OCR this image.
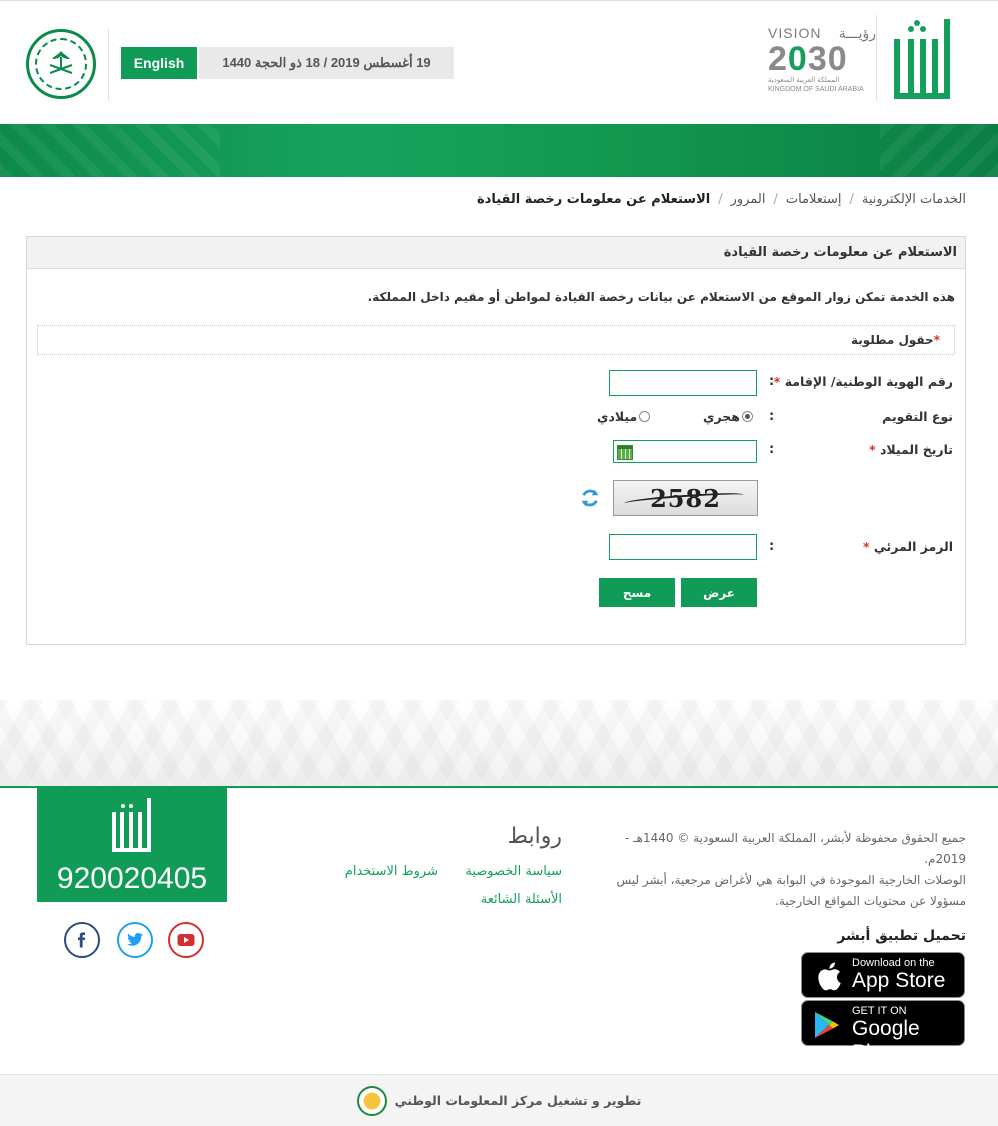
English	19 أغسطس 2019 / 18 ذو الحجة 1440
VISION رؤيـــة
2030
المملكة العربية السعودية
KINGDOM OF SAUDI ARABIA
الخدمات الإلكترونية
/
إستعلامات
/
المرور
/
الاستعلام عن معلومات رخصة القيادة
الاستعلام عن معلومات رخصة القيادة
هذه الخدمة تمكن زوار الموقع من الاستعلام عن بيانات رخصة القيادة لمواطن أو مقيم داخل المملكة.
*
حقول مطلوبة
رقم الهوية الوطنية/ الإقامة *
:
نوع التقويم
:
هجري
ميلادي
تاريخ الميلاد *
:
2582
الرمز المرئي *
:
عرض
مسح
920020405
روابط
سياسة الخصوصية
شروط الاستخدام
الأسئلة الشائعة
جميع الحقوق محفوظة لأبشر، المملكة العربية السعودية © 1440هـ - 2019م.
الوصلات الخارجية الموجودة في البوابة هي لأغراض مرجعية، أبشر ليس مسؤولا عن محتويات المواقع الخارجية.
تحميل تطبيق أبشر
Download on the
App Store
GET IT ON
Google Play
تطوير و تشغيل مركز المعلومات الوطني
